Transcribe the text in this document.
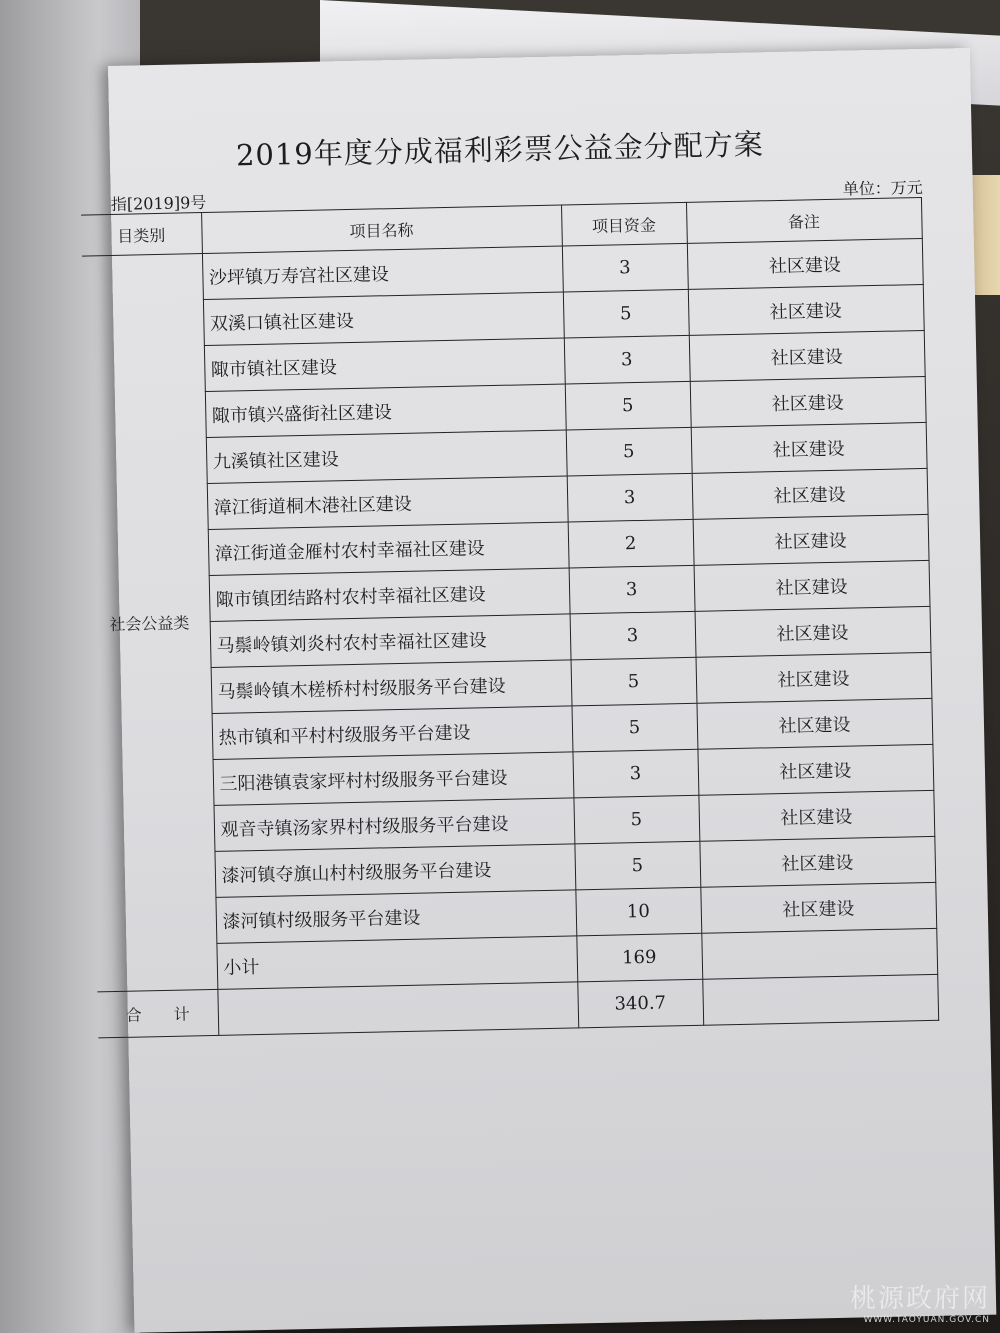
2019年度分成福利彩票公益金分配方案
指[2019]9号
单位：万元
目类别	项目名称	项目资金	备注
社会公益类	沙坪镇万寿宫社区建设	3	社区建设
	双溪口镇社区建设	5	社区建设
	陬市镇社区建设	3	社区建设
	陬市镇兴盛街社区建设	5	社区建设
	九溪镇社区建设	5	社区建设
	漳江街道桐木港社区建设	3	社区建设
	漳江街道金雁村农村幸福社区建设	2	社区建设
	陬市镇团结路村农村幸福社区建设	3	社区建设
	马鬃岭镇刘炎村农村幸福社区建设	3	社区建设
	马鬃岭镇木槎桥村村级服务平台建设	5	社区建设
	热市镇和平村村级服务平台建设	5	社区建设
	三阳港镇袁家坪村村级服务平台建设	3	社区建设
	观音寺镇汤家界村村级服务平台建设	5	社区建设
	漆河镇夺旗山村村级服务平台建设	5	社区建设
	漆河镇村级服务平台建设	10	社区建设
	小计	169	
合　　计		340.7	
桃源政府网
WWW.TAOYUAN.GOV.CN
